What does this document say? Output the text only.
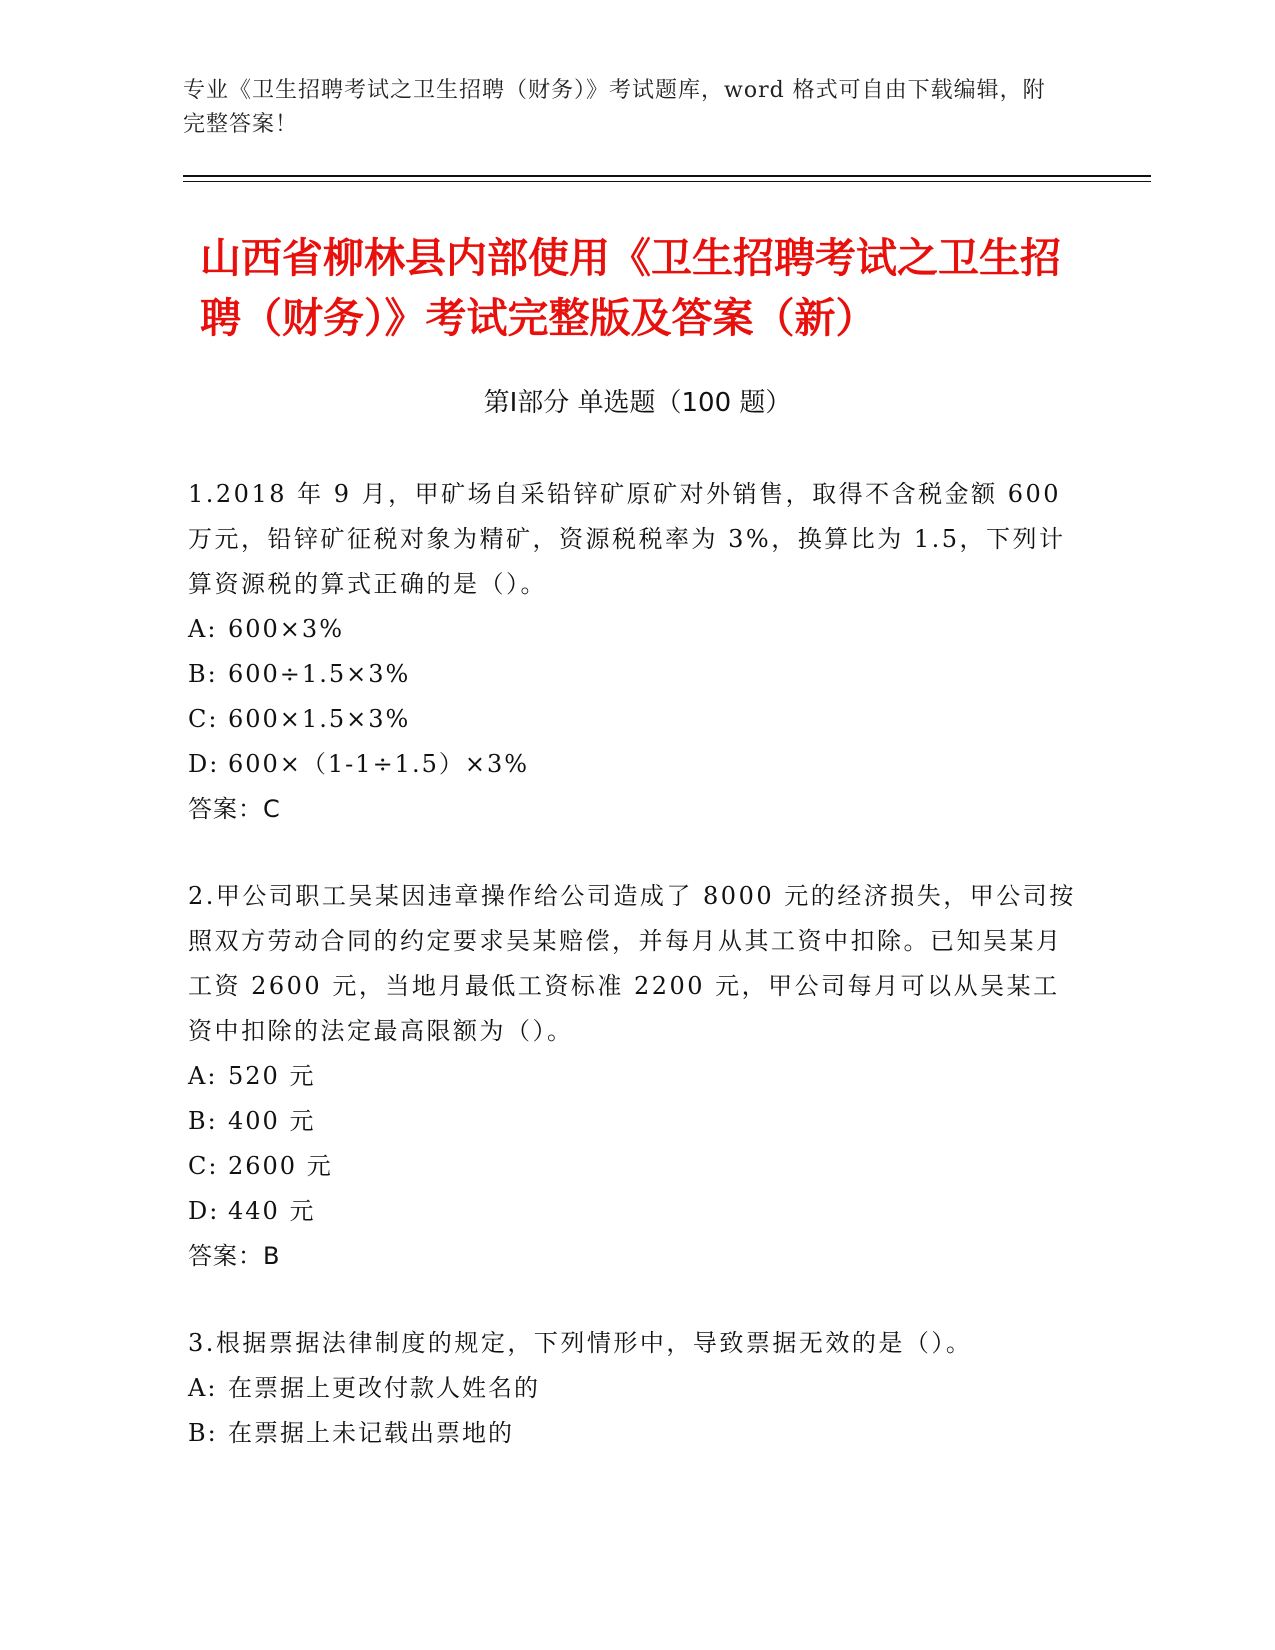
专业《卫生招聘考试之卫生招聘（财务）》考试题库，word 格式可自由下载编辑，附完整答案！
山西省柳林县内部使用《卫生招聘考试之卫生招聘（财务）》考试完整版及答案（新）
第Ⅰ部分 单选题（100 题）
1.2018 年 9 月，甲矿场自采铅锌矿原矿对外销售，取得不含税金额 600 万元，铅锌矿征税对象为精矿，资源税税率为 3%，换算比为 1.5，下列计算资源税的算式正确的是（）。
A: 600×3%
B: 600÷1.5×3%
C: 600×1.5×3%
D: 600×（1-1÷1.5）×3%
答案：C
2.甲公司职工吴某因违章操作给公司造成了 8000 元的经济损失，甲公司按照双方劳动合同的约定要求吴某赔偿，并每月从其工资中扣除。已知吴某月工资 2600 元，当地月最低工资标准 2200 元，甲公司每月可以从吴某工资中扣除的法定最高限额为（）。
A: 520 元
B: 400 元
C: 2600 元
D: 440 元
答案：B
3.根据票据法律制度的规定，下列情形中，导致票据无效的是（）。
A: 在票据上更改付款人姓名的
B: 在票据上未记载出票地的
